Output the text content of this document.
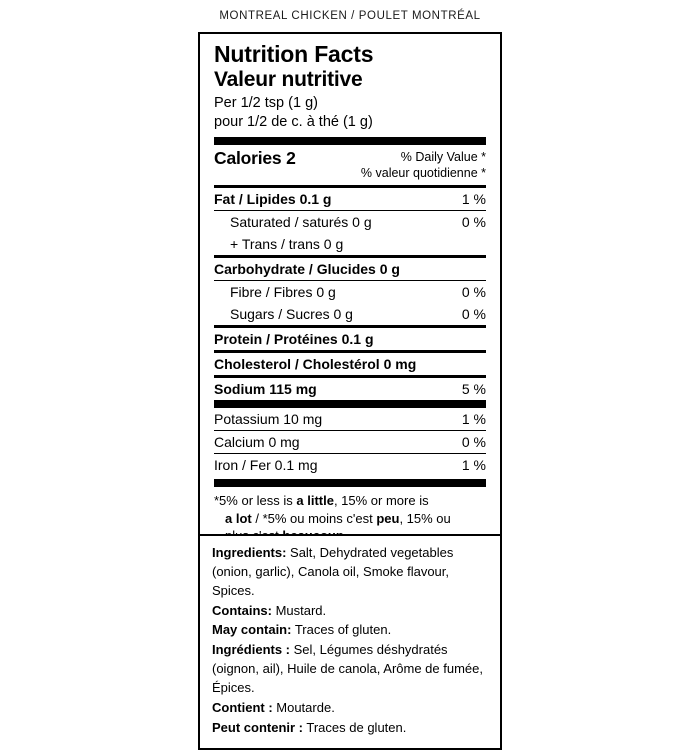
MONTREAL CHICKEN / POULET MONTRÉAL
Nutrition Facts
Valeur nutritive
Per 1/2 tsp (1 g)
pour 1/2 de c. à thé (1 g)
Calories 2	% Daily Value *
% valeur quotidienne *
Fat / Lipides 0.1 g	1 %
Saturated / saturés 0 g	0 %
+ Trans / trans 0 g
Carbohydrate / Glucides 0 g
Fibre / Fibres 0 g	0 %
Sugars / Sucres 0 g	0 %
Protein / Protéines 0.1 g
Cholesterol / Cholestérol 0 mg
Sodium 115 mg	5 %
Potassium 10 mg	1 %
Calcium 0 mg	0 %
Iron / Fer 0.1 mg	1 %
*5% or less is a little, 15% or more is
a lot / *5% ou moins c'est peu, 15% ou

Ingredients: Salt, Dehydrated vegetables (onion, garlic), Canola oil, Smoke flavour, Spices.

Contains: Mustard.

May contain: Traces of gluten.

Ingrédients : Sel, Légumes déshydratés (oignon, ail), Huile de canola, Arôme de fumée, Épices.

Contient : Moutarde.

Peut contenir : Traces de gluten.
